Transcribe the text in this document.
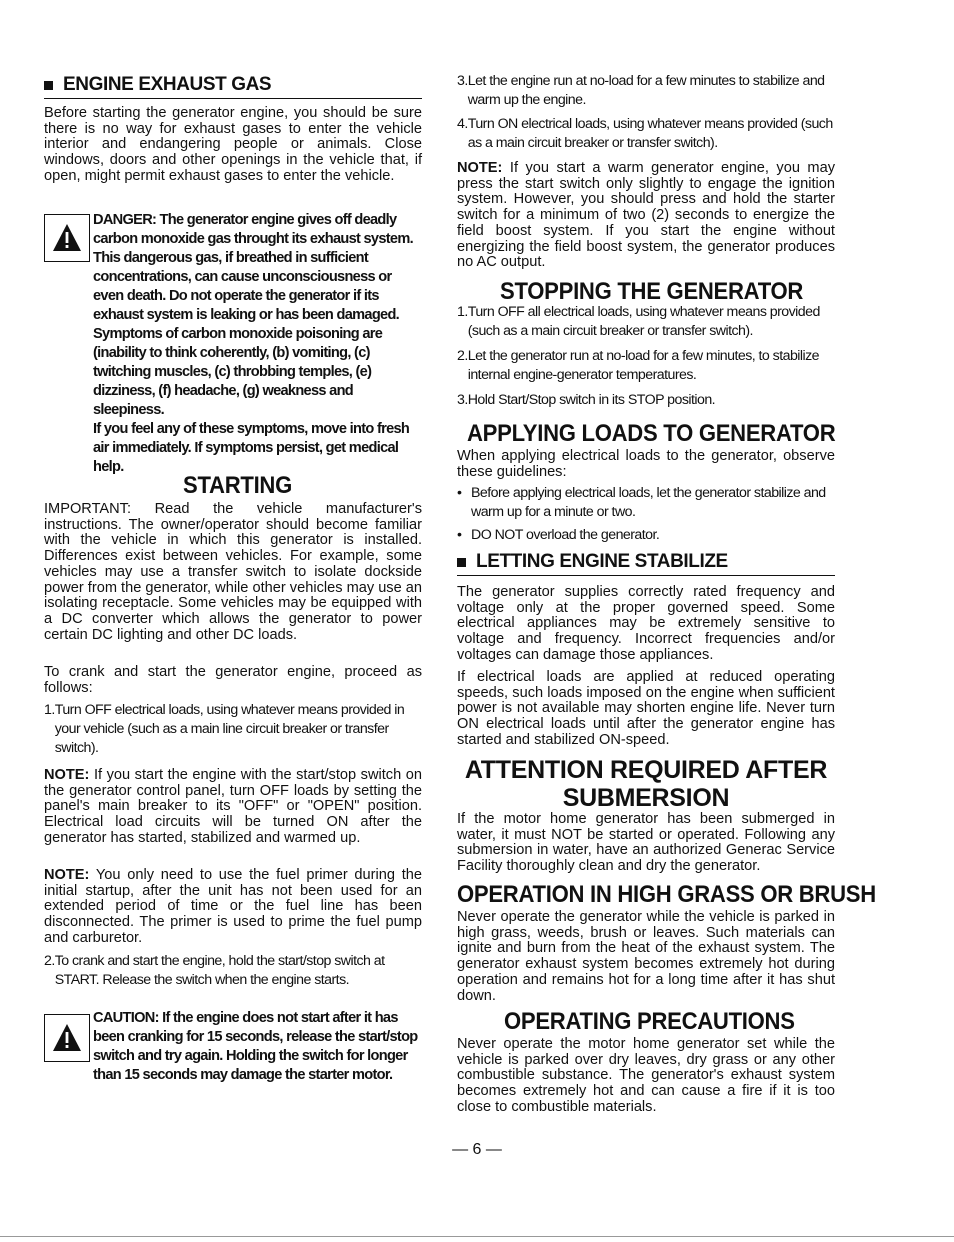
ENGINE EXHAUST GAS

Before starting the generator engine, you should be sure there is no way for exhaust gases to enter the vehicle interior and endangering people or animals. Close windows, doors and other openings in the vehicle that, if open, might permit exhaust gases to enter the vehicle.

DANGER: The generator engine gives off deadly carbon monoxide gas throught its exhaust system. This dangerous gas, if breathed in sufficient concentrations, can cause unconsciousness or even death. Do not operate the generator if its exhaust system is leaking or has been damaged.

Symptoms of carbon monoxide poisoning are (inability to think coherently, (b) vomiting, (c) twitching muscles, (c) throbbing temples, (e) dizziness, (f) headache, (g) weakness and sleepiness.

If you feel any of these symptoms, move into fresh air immediately. If symptoms persist, get medical help.

STARTING

IMPORTANT: Read the vehicle manufacturer's instructions. The owner/operator should become familiar with the vehicle in which this generator is installed. Differences exist between vehicles. For example, some vehicles may use a transfer switch to isolate dockside power from the generator, while other vehicles may use an isolating receptacle. Some vehicles may be equipped with a DC converter which allows the generator to power certain DC lighting and other DC loads.

To crank and start the generator engine, proceed as follows:

1. Turn OFF electrical loads, using whatever means provided in your vehicle (such as a main line circuit breaker or transfer switch).

NOTE: If you start the engine with the start/stop switch on the generator control panel, turn OFF loads by setting the panel's main breaker to its "OFF" or "OPEN" position. Electrical load circuits will be turned ON after the generator has started, stabilized and warmed up.

NOTE: You only need to use the fuel primer during the initial startup, after the unit has not been used for an extended period of time or the fuel line has been disconnected. The primer is used to prime the fuel pump and carburetor.

2. To crank and start the engine, hold the start/stop switch at START. Release the switch when the engine starts.

CAUTION: If the engine does not start after it has been cranking for 15 seconds, release the start/stop switch and try again. Holding the switch for longer than 15 seconds may damage the starter motor.

3. Let the engine run at no-load for a few minutes to stabilize and warm up the engine.
4. Turn ON electrical loads, using whatever means provided (such as a main circuit breaker or transfer switch).

NOTE: If you start a warm generator engine, you may press the start switch only slightly to engage the ignition system. However, you should press and hold the starter switch for a minimum of two (2) seconds to energize the field boost system. If you start the engine without energizing the field boost system, the generator produces no AC output.

STOPPING THE GENERATOR
1. Turn OFF all electrical loads, using whatever means provided (such as a main circuit breaker or transfer switch).
2. Let the generator run at no-load for a few minutes, to stabilize internal engine-generator temperatures.
3. Hold Start/Stop switch in its STOP position.
APPLYING LOADS TO GENERATOR

When applying electrical loads to the generator, observe these guidelines:

• Before applying electrical loads, let the generator stabilize and warm up for a minute or two.
• DO NOT overload the generator.
LETTING ENGINE STABILIZE

The generator supplies correctly rated frequency and voltage only at the proper governed speed. Some electrical appliances may be extremely sensitive to voltage and frequency. Incorrect frequencies and/or voltages can damage those appliances.

If electrical loads are applied at reduced operating speeds, such loads imposed on the engine when sufficient power is not available may shorten engine life. Never turn ON electrical loads until after the generator engine has started and stabilized ON-speed.

ATTENTION REQUIRED AFTER
SUBMERSION

If the motor home generator has been submerged in water, it must NOT be started or operated. Following any submersion in water, have an authorized Generac Service Facility thoroughly clean and dry the generator.

OPERATION IN HIGH GRASS OR BRUSH

Never operate the generator while the vehicle is parked in high grass, weeds, brush or leaves. Such materials can ignite and burn from the heat of the exhaust system. The generator exhaust system becomes extremely hot during operation and remains hot for a long time after it has shut down.

OPERATING PRECAUTIONS

Never operate the motor home generator set while the vehicle is parked over dry leaves, dry grass or any other combustible substance. The generator's exhaust system becomes extremely hot and can cause a fire if it is too close to combustible materials.

— 6 —
